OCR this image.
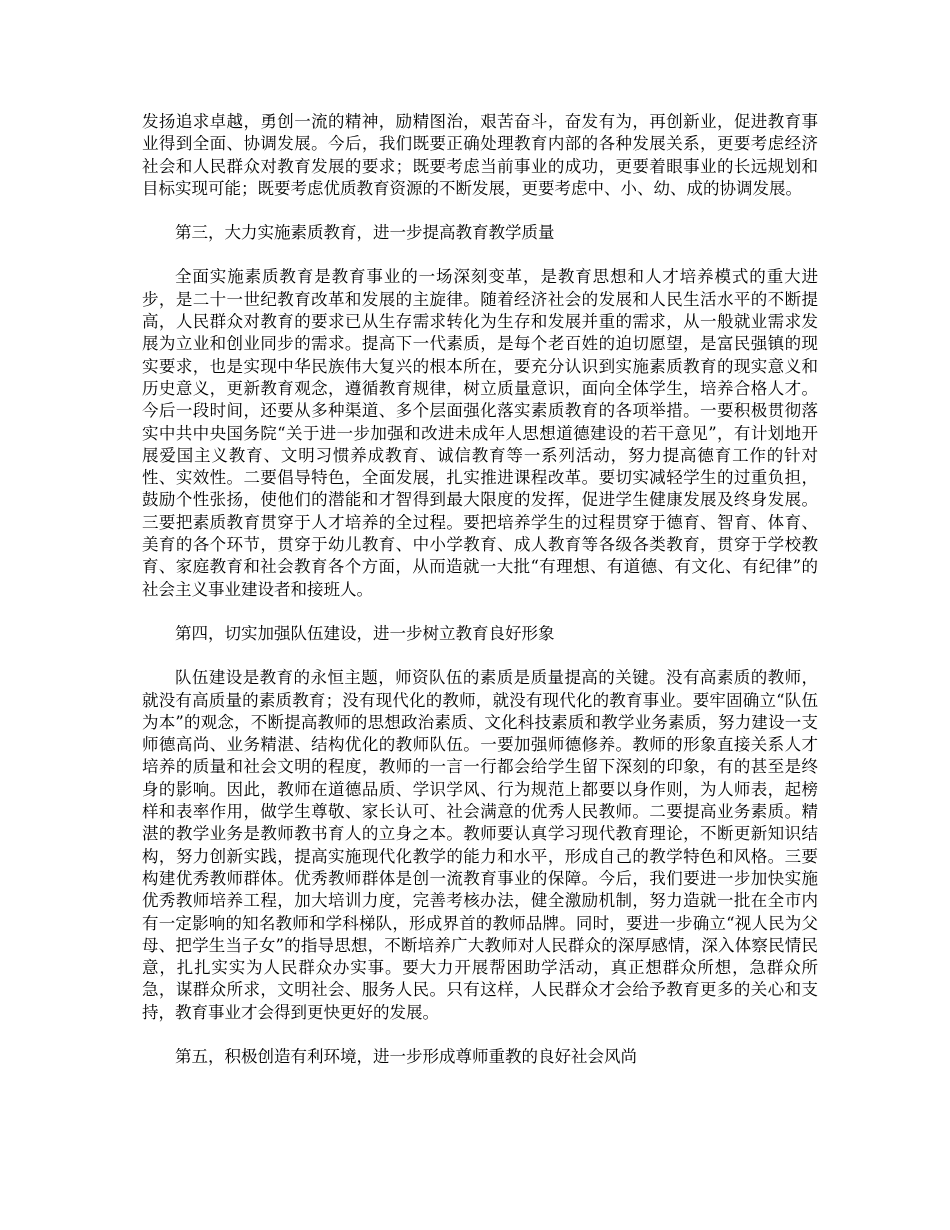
发扬追求卓越，勇创一流的精神，励精图治，艰苦奋斗，奋发有为，再创新业，促进教育事业得到全面、协调发展。今后，我们既要正确处理教育内部的各种发展关系，更要考虑经济社会和人民群众对教育发展的要求；既要考虑当前事业的成功，更要着眼事业的长远规划和目标实现可能；既要考虑优质教育资源的不断发展，更要考虑中、小、幼、成的协调发展。

第三，大力实施素质教育，进一步提高教育教学质量

全面实施素质教育是教育事业的一场深刻变革，是教育思想和人才培养模式的重大进步，是二十一世纪教育改革和发展的主旋律。随着经济社会的发展和人民生活水平的不断提高，人民群众对教育的要求已从生存需求转化为生存和发展并重的需求，从一般就业需求发展为立业和创业同步的需求。提高下一代素质，是每个老百姓的迫切愿望，是富民强镇的现实要求，也是实现中华民族伟大复兴的根本所在，要充分认识到实施素质教育的现实意义和历史意义，更新教育观念，遵循教育规律，树立质量意识，面向全体学生，培养合格人才。今后一段时间，还要从多种渠道、多个层面强化落实素质教育的各项举措。一要积极贯彻落实中共中央国务院“关于进一步加强和改进未成年人思想道德建设的若干意见”，有计划地开展爱国主义教育、文明习惯养成教育、诚信教育等一系列活动，努力提高德育工作的针对性、实效性。二要倡导特色，全面发展，扎实推进课程改革。要切实减轻学生的过重负担，鼓励个性张扬，使他们的潜能和才智得到最大限度的发挥，促进学生健康发展及终身发展。三要把素质教育贯穿于人才培养的全过程。要把培养学生的过程贯穿于德育、智育、体育、美育的各个环节，贯穿于幼儿教育、中小学教育、成人教育等各级各类教育，贯穿于学校教育、家庭教育和社会教育各个方面，从而造就一大批“有理想、有道德、有文化、有纪律”的社会主义事业建设者和接班人。

第四，切实加强队伍建设，进一步树立教育良好形象

队伍建设是教育的永恒主题，师资队伍的素质是质量提高的关键。没有高素质的教师，就没有高质量的素质教育；没有现代化的教师，就没有现代化的教育事业。要牢固确立“队伍为本”的观念，不断提高教师的思想政治素质、文化科技素质和教学业务素质，努力建设一支师德高尚、业务精湛、结构优化的教师队伍。一要加强师德修养。教师的形象直接关系人才培养的质量和社会文明的程度，教师的一言一行都会给学生留下深刻的印象，有的甚至是终身的影响。因此，教师在道德品质、学识学风、行为规范上都要以身作则，为人师表，起榜样和表率作用，做学生尊敬、家长认可、社会满意的优秀人民教师。二要提高业务素质。精湛的教学业务是教师教书育人的立身之本。教师要认真学习现代教育理论，不断更新知识结构，努力创新实践，提高实施现代化教学的能力和水平，形成自己的教学特色和风格。三要构建优秀教师群体。优秀教师群体是创一流教育事业的保障。今后，我们要进一步加快实施优秀教师培养工程，加大培训力度，完善考核办法，健全激励机制，努力造就一批在全市内有一定影响的知名教师和学科梯队，形成界首的教师品牌。同时，要进一步确立“视人民为父母、把学生当子女”的指导思想，不断培养广大教师对人民群众的深厚感情，深入体察民情民意，扎扎实实为人民群众办实事。要大力开展帮困助学活动，真正想群众所想，急群众所急，谋群众所求，文明社会、服务人民。只有这样，人民群众才会给予教育更多的关心和支持，教育事业才会得到更快更好的发展。

第五，积极创造有利环境，进一步形成尊师重教的良好社会风尚
